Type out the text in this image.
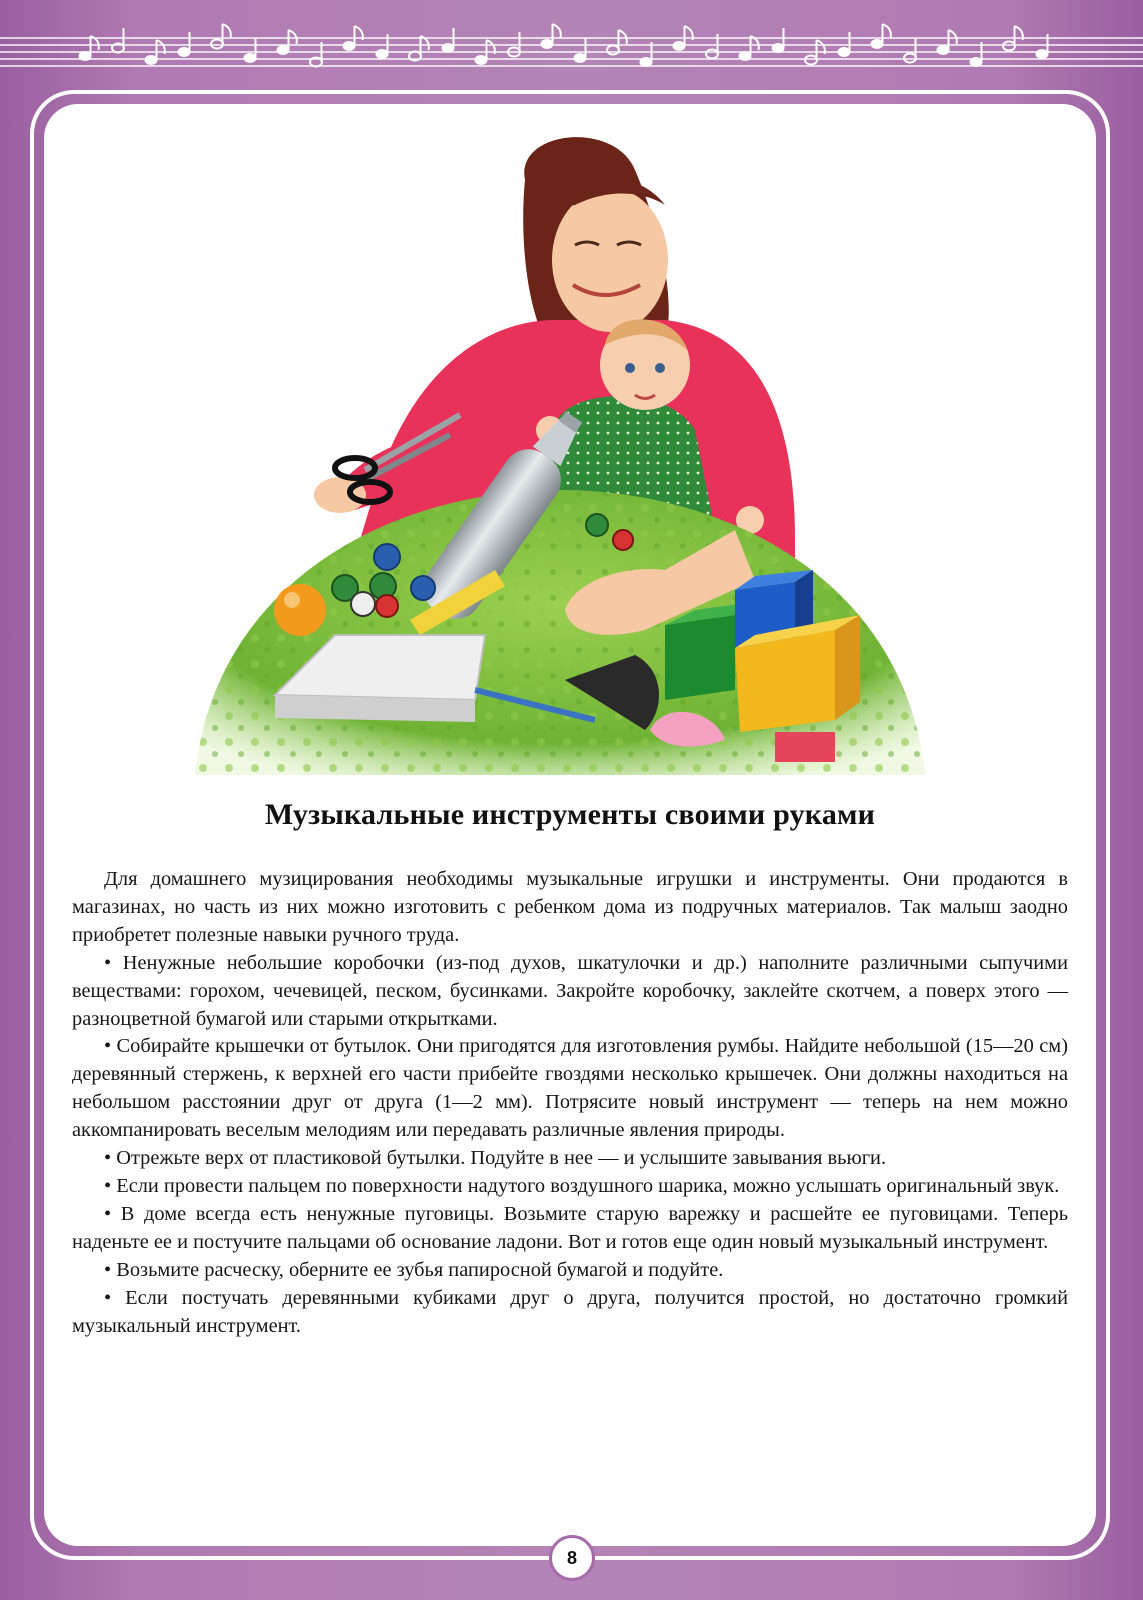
Музыкальные инструменты своими руками

Для домашнего музицирования необходимы музыкальные игрушки и инструменты. Они продаются в магазинах, но часть из них можно изготовить с ребенком дома из подручных материалов. Так малыш заодно приобретет полезные навыки ручного труда.

• Ненужные небольшие коробочки (из-под духов, шкатулочки и др.) наполните различными сыпучими веществами: горохом, чечевицей, песком, бусинками. Закройте коробочку, заклейте скотчем, а поверх этого — разноцветной бумагой или старыми открытками.

• Собирайте крышечки от бутылок. Они пригодятся для изготовления румбы. Найдите небольшой (15—20 см) деревянный стержень, к верхней его части прибейте гвоздями несколько крышечек. Они должны находиться на небольшом расстоянии друг от друга (1—2 мм). Потрясите новый инструмент — теперь на нем можно аккомпанировать веселым мелодиям или передавать различные явления природы.

• Отрежьте верх от пластиковой бутылки. Подуйте в нее — и услышите завывания вьюги.

• Если провести пальцем по поверхности надутого воздушного шарика, можно услышать оригинальный звук.

• В доме всегда есть ненужные пуговицы. Возьмите старую варежку и расшейте ее пуговицами. Теперь наденьте ее и постучите пальцами об основание ладони. Вот и готов еще один новый музыкальный инструмент.

• Возьмите расческу, оберните ее зубья папиросной бумагой и подуйте.

• Если постучать деревянными кубиками друг о друга, получится простой, но достаточно громкий музыкальный инструмент.

8
